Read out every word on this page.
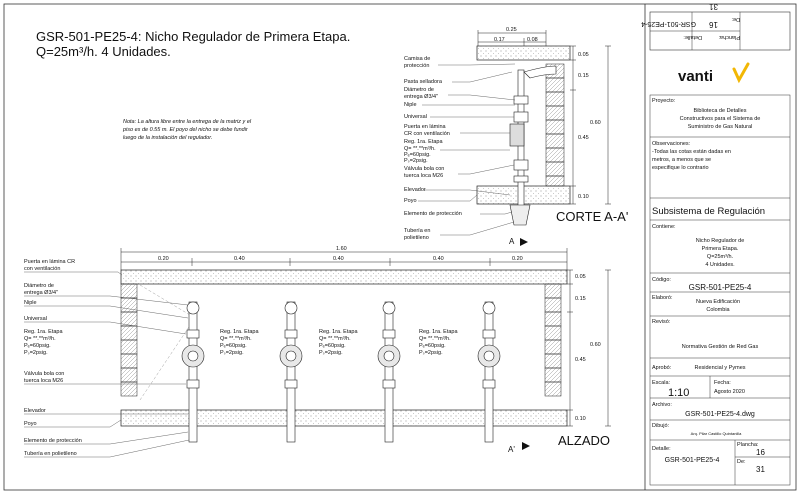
GSR-501-PE25-4: Nicho Regulador de Primera Etapa.
Q=25m³/h. 4 Unidades.
Nota: La altura libre entre la entrega de la matriz y el
piso es de 0.55 m. El poyo del nicho se debe fundir
luego de la instalación del regulador.
0.25
0.17	0.08
0.05
0.15
0.45
0.60
0.10
Camisa de
protección
Pasta selladora
Diámetro de
entrega Ø3/4"
Niple
Universal
Puerta en lámina
CR con ventilación
Reg. 1ra. Etapa
Q= **.**m³/h.
Pₑ=60psig.
Pₛ=2psig.
Válvula bola con
tuerca loca M26
Elevador
Poyo
Elemento de protección
Tubería en
polietileno
CORTE A-A'
A
1.60
0.20	0.40	0.40	0.40	0.20
Reg. 1ra. Etapa
Q= **.**m³/h.
Pₑ=60psig.
Pₛ=2psig.
Reg. 1ra. Etapa
Q= **.**m³/h.
Pₑ=60psig.
Pₛ=2psig.
Reg. 1ra. Etapa
Q= **.**m³/h.
Pₑ=60psig.
Pₛ=2psig.
0.05
0.15
0.45
0.60
0.10
Puerta en lámina CR
con ventilación
Diámetro de
entrega Ø3/4"
Niple
Universal
Reg. 1ra. Etapa
Q= **.**m³/h.
Pₑ=60psig.
Pₛ=2psig.
Válvula bola con
tuerca loca M26
Elevador
Poyo
Elemento de protección
Tubería en polietileno
ALZADO
A'
Detalle:	Plancha:
De:
GSR-501-PE25-4 16
31
vanti
Proyecto:
Biblioteca de Detalles
Constructivos para el Sistema de
Suministro de Gas Natural
Observaciones:
-Todas las cotas están dadas en
metros, a menos que se
especifique lo contrario
Subsistema de Regulación
Contiene:
Nicho Regulador de
Primera Etapa.
Q=25m³/h.
4 Unidades.
Código:
GSR-501-PE25-4
Elaboró:
Nueva Edificación
Colombia
Revisó:
Normativa Gestión de Red Gas
Aprobó:	Residencial y Pymes
Escala:
1:10
Fecha:
Agosto 2020
Archivo:
GSR-501-PE25-4.dwg
Dibujó:
Arq. Pilar Castillo Quintanilla
Detalle:
GSR-501-PE25-4
Plancha:
16
De:
31
